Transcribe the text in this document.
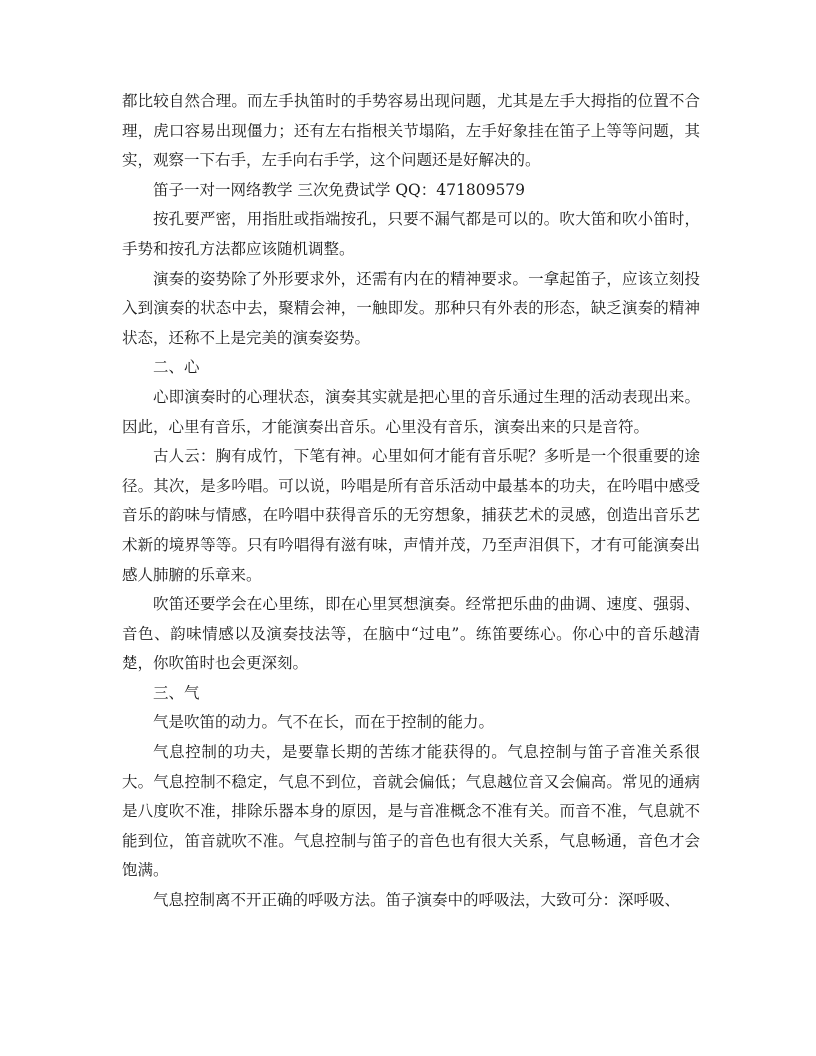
都比较自然合理。而左手执笛时的手势容易出现问题，尤其是左手大拇指的位置不合理，虎口容易出现僵力；还有左右指根关节塌陷，左手好象挂在笛子上等等问题，其实，观察一下右手，左手向右手学，这个问题还是好解决的。

笛子一对一网络教学 三次免费试学 QQ：471809579

按孔要严密，用指肚或指端按孔，只要不漏气都是可以的。吹大笛和吹小笛时，手势和按孔方法都应该随机调整。

演奏的姿势除了外形要求外，还需有内在的精神要求。一拿起笛子，应该立刻投入到演奏的状态中去，聚精会神，一触即发。那种只有外表的形态，缺乏演奏的精神状态，还称不上是完美的演奏姿势。

二、心

心即演奏时的心理状态，演奏其实就是把心里的音乐通过生理的活动表现出来。因此，心里有音乐，才能演奏出音乐。心里没有音乐，演奏出来的只是音符。

古人云：胸有成竹，下笔有神。心里如何才能有音乐呢？多听是一个很重要的途径。其次，是多吟唱。可以说，吟唱是所有音乐活动中最基本的功夫，在吟唱中感受音乐的韵味与情感，在吟唱中获得音乐的无穷想象，捕获艺术的灵感，创造出音乐艺术新的境界等等。只有吟唱得有滋有味，声情并茂，乃至声泪俱下，才有可能演奏出感人肺腑的乐章来。

吹笛还要学会在心里练，即在心里冥想演奏。经常把乐曲的曲调、速度、强弱、音色、韵味情感以及演奏技法等，在脑中“过电”。练笛要练心。你心中的音乐越清楚，你吹笛时也会更深刻。

三、气

气是吹笛的动力。气不在长，而在于控制的能力。

气息控制的功夫，是要靠长期的苦练才能获得的。气息控制与笛子音准关系很大。气息控制不稳定，气息不到位，音就会偏低；气息越位音又会偏高。常见的通病是八度吹不准，排除乐器本身的原因，是与音准概念不准有关。而音不准，气息就不能到位，笛音就吹不准。气息控制与笛子的音色也有很大关系，气息畅通，音色才会饱满。

气息控制离不开正确的呼吸方法。笛子演奏中的呼吸法，大致可分：深呼吸、
